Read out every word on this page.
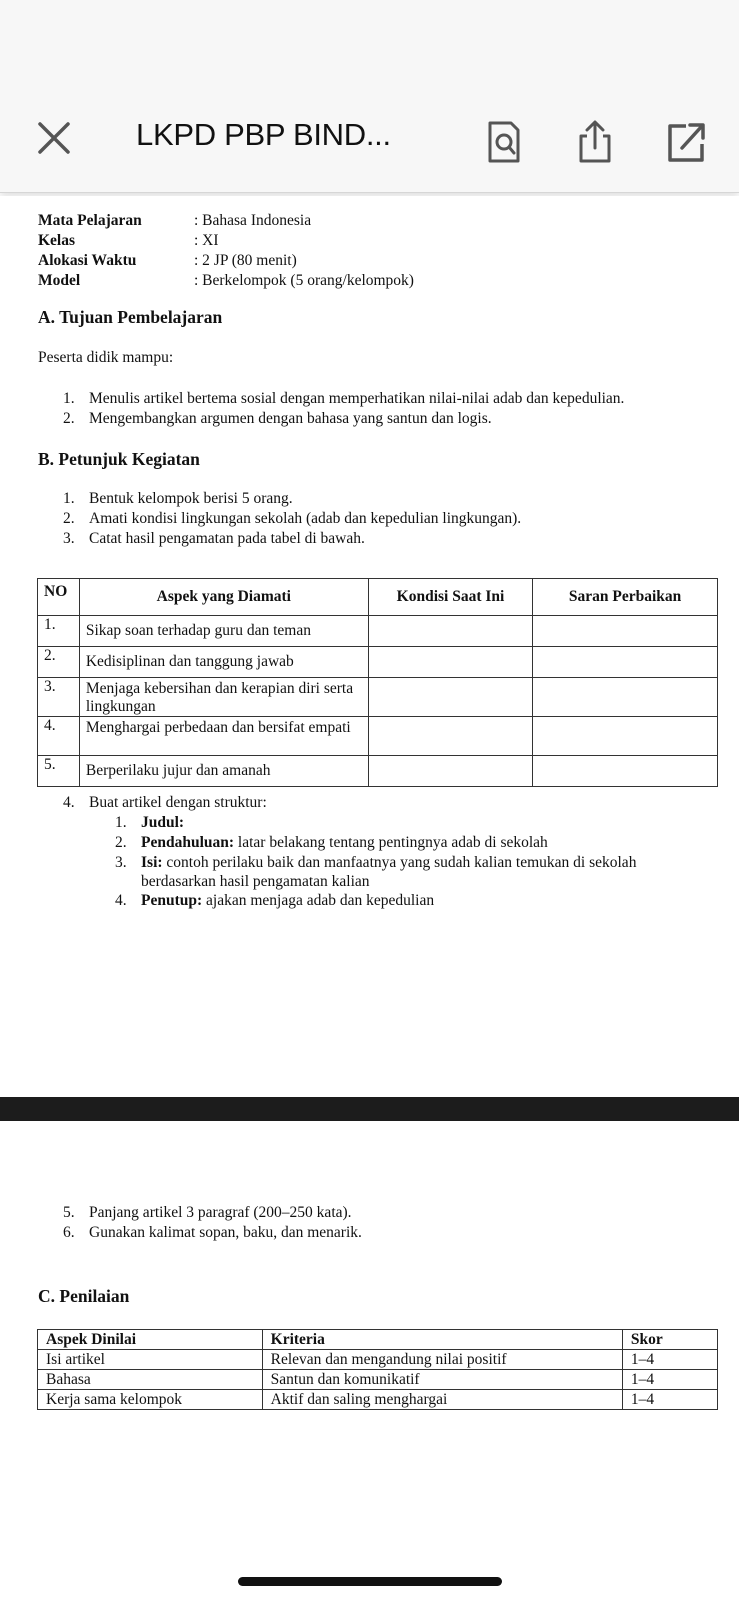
LKPD PBP BIND...
Mata Pelajaran	: Bahasa Indonesia
Kelas	: XI
Alokasi Waktu	: 2 JP (80 menit)
Model	: Berkelompok (5 orang/kelompok)
A. Tujuan Pembelajaran
Peserta didik mampu:
1. Menulis artikel bertema sosial dengan memperhatikan nilai-nilai adab dan kepedulian.
2. Mengembangkan argumen dengan bahasa yang santun dan logis.
B. Petunjuk Kegiatan
1. Bentuk kelompok berisi 5 orang.
2. Amati kondisi lingkungan sekolah (adab dan kepedulian lingkungan).
3. Catat hasil pengamatan pada tabel di bawah.
NO	Aspek yang Diamati	Kondisi Saat Ini	Saran Perbaikan

1.	Sikap soan terhadap guru dan teman		

2.	Kedisiplinan dan tanggung jawab		

3.	Menjaga kebersihan dan kerapian diri serta lingkungan		

4.	Menghargai perbedaan dan bersifat empati		

5.	Berperilaku jujur dan amanah		

4. Buat artikel dengan struktur:
1. Judul:
2. Pendahuluan: latar belakang tentang pentingnya adab di sekolah
3. Isi: contoh perilaku baik dan manfaatnya yang sudah kalian temukan di sekolah berdasarkan hasil pengamatan kalian
4. Penutup: ajakan menjaga adab dan kepedulian
5. Panjang artikel 3 paragraf (200–250 kata).
6. Gunakan kalimat sopan, baku, dan menarik.
C. Penilaian
Aspek Dinilai	Kriteria	Skor
Isi artikel	Relevan dan mengandung nilai positif	1–4
Bahasa	Santun dan komunikatif	1–4
Kerja sama kelompok	Aktif dan saling menghargai	1–4
